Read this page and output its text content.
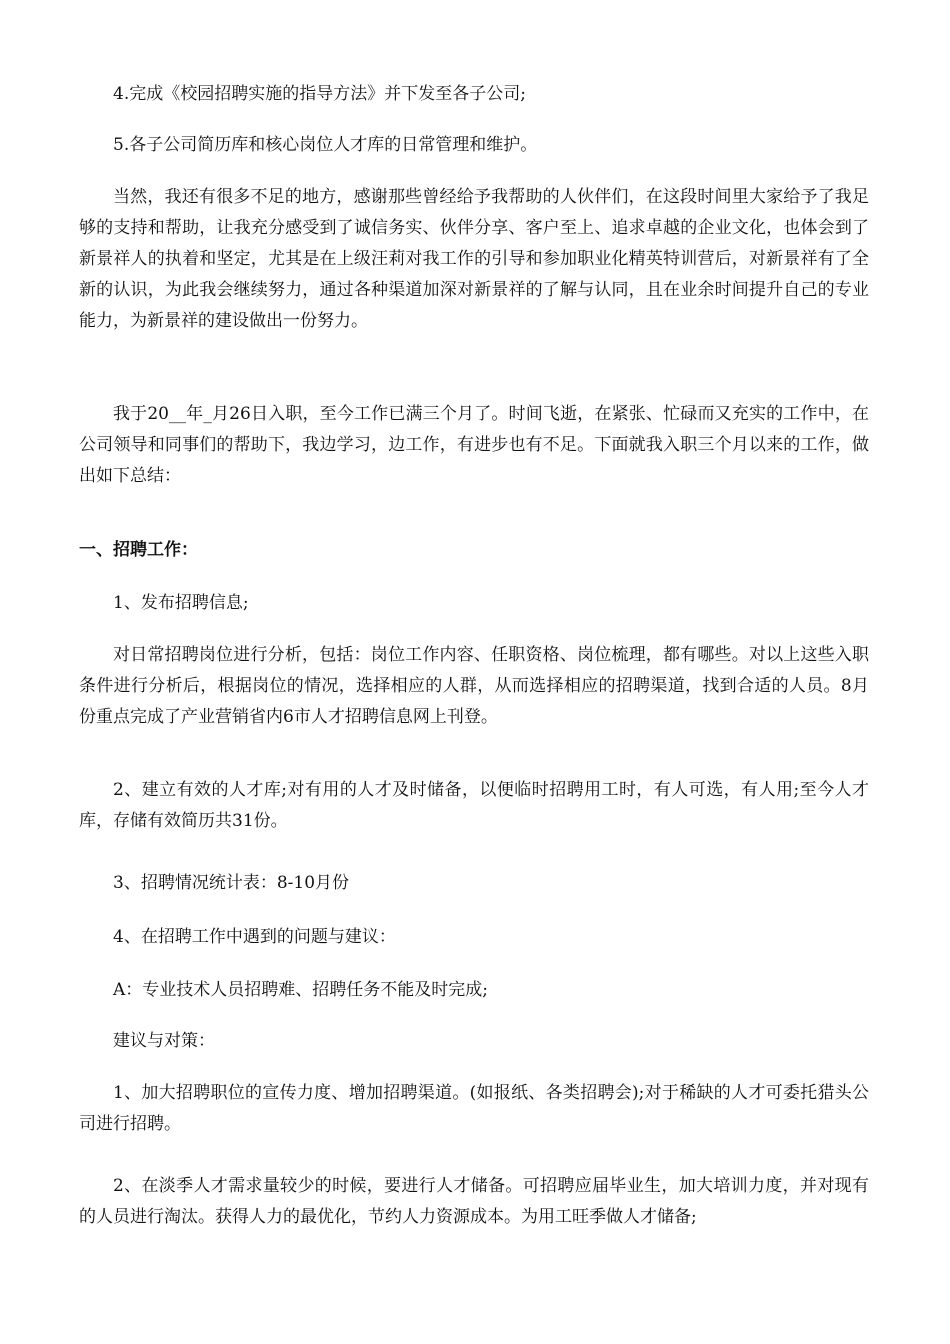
4.完成《校园招聘实施的指导方法》并下发至各子公司;

5.各子公司简历库和核心岗位人才库的日常管理和维护。

当然，我还有很多不足的地方，感谢那些曾经给予我帮助的人伙伴们，在这段时间里大家给予了我足够的支持和帮助，让我充分感受到了诚信务实、伙伴分享、客户至上、追求卓越的企业文化，也体会到了新景祥人的执着和坚定，尤其是在上级汪莉对我工作的引导和参加职业化精英特训营后，对新景祥有了全新的认识，为此我会继续努力，通过各种渠道加深对新景祥的了解与认同，且在业余时间提升自己的专业能力，为新景祥的建设做出一份努力。

我于20__年_月26日入职，至今工作已满三个月了。时间飞逝，在紧张、忙碌而又充实的工作中，在公司领导和同事们的帮助下，我边学习，边工作，有进步也有不足。下面就我入职三个月以来的工作，做出如下总结：

一、招聘工作：

1、发布招聘信息;

对日常招聘岗位进行分析，包括：岗位工作内容、任职资格、岗位梳理，都有哪些。对以上这些入职条件进行分析后，根据岗位的情况，选择相应的人群，从而选择相应的招聘渠道，找到合适的人员。8月份重点完成了产业营销省内6市人才招聘信息网上刊登。

2、建立有效的人才库;对有用的人才及时储备，以便临时招聘用工时，有人可选，有人用;至今人才库，存储有效简历共31份。

3、招聘情况统计表：8-10月份

4、在招聘工作中遇到的问题与建议：

A：专业技术人员招聘难、招聘任务不能及时完成;

建议与对策：

1、加大招聘职位的宣传力度、增加招聘渠道。(如报纸、各类招聘会);对于稀缺的人才可委托猎头公司进行招聘。

2、在淡季人才需求量较少的时候，要进行人才储备。可招聘应届毕业生，加大培训力度，并对现有的人员进行淘汰。获得人力的最优化，节约人力资源成本。为用工旺季做人才储备;
